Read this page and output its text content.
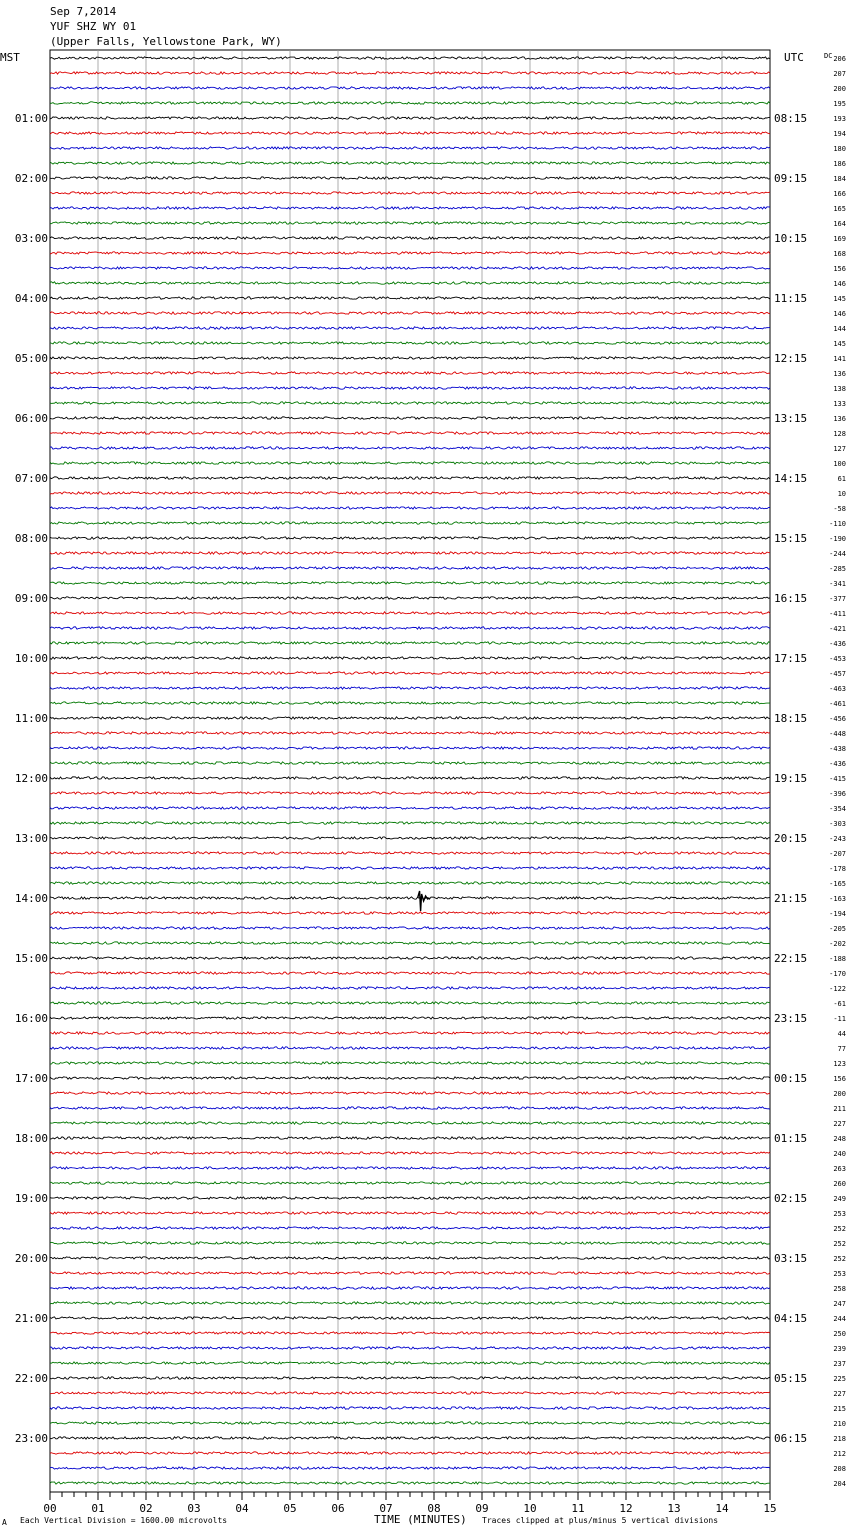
Sep 7,2014
YUF SHZ WY 01
(Upper Falls, Yellowstone Park, WY)
MST	UTC	DC
01:00
02:00
03:00
04:00
05:00
06:00
07:00
08:00
09:00
10:00
11:00
12:00
13:00
14:00
15:00
16:00
17:00
18:00
19:00
20:00
21:00
22:00
23:00
08:15
09:15
10:15
11:15
12:15
13:15
14:15
15:15
16:15
17:15
18:15
19:15
20:15
21:15
22:15
23:15
00:15
01:15
02:15
03:15
04:15
05:15
06:15
206
207
200
195
193
194
180
186
184
166
165
164
169
168
156
146
145
146
144
145
141
136
138
133
136
128
127
100
61
10
-58
-110
-190
-244
-285
-341
-377
-411
-421
-436
-453
-457
-463
-461
-456
-448
-438
-436
-415
-396
-354
-303
-243
-207
-178
-165
-163
-194
-205
-202
-188
-170
-122
-61
-11
44
77
123
156
200
211
227
248
240
263
260
249
253
252
252
252
253
258
247
244
250
239
237
225
227
215
210
218
212
208
204
00	01	02	03	04	05	06	07	08	09	10	11	12	13	14	15
A Each Vertical Division = 1600.00 microvolts	TIME (MINUTES) Traces clipped at plus/minus 5 vertical divisions
